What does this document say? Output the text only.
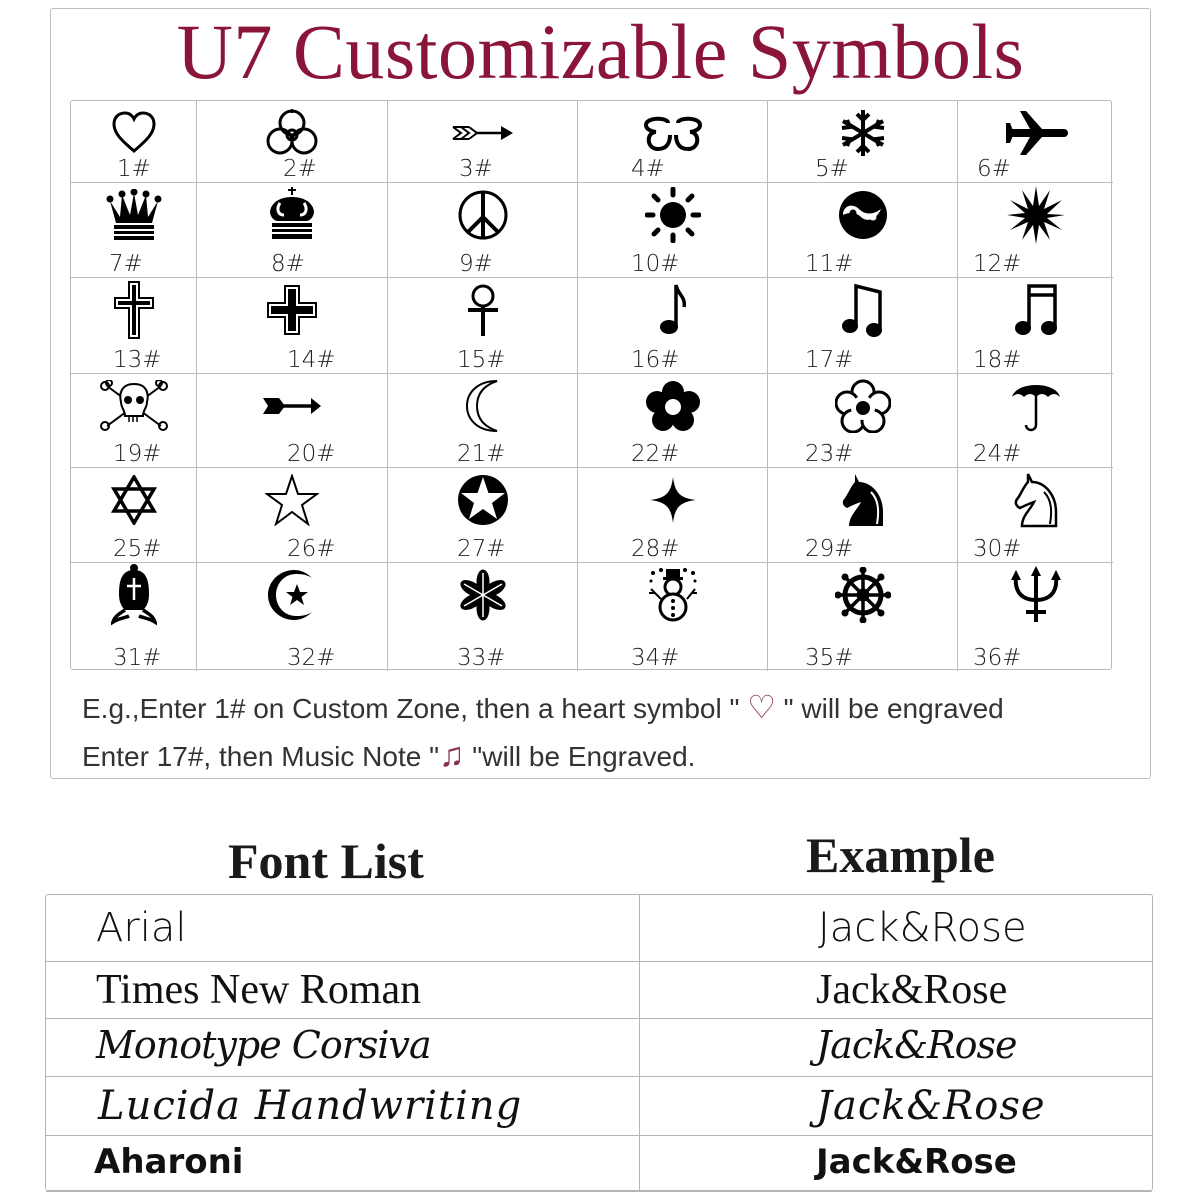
U7 Customizable Symbols
1#	2#	3#	4#	5#	6#
7#	8#	9#	10#	11#	12#
13#	14#	15#	16#	17#	18#
19#	20#	21#	22#	23#	24#
25#	26#	27#	28#	29#	30#
31#	32#	33#	34#	35#	36#
E.g.,Enter 1# on Custom Zone, then a heart symbol " ♡ " will be engraved
Enter 17#, then Music Note "♫ "will be Engraved.
Font List	Example
Arial	Jack&Rose
Times New Roman	Jack&Rose
Monotype Corsiva	Jack&Rose
Lucida Handwriting	Jack&Rose
Aharoni	Jack&Rose
